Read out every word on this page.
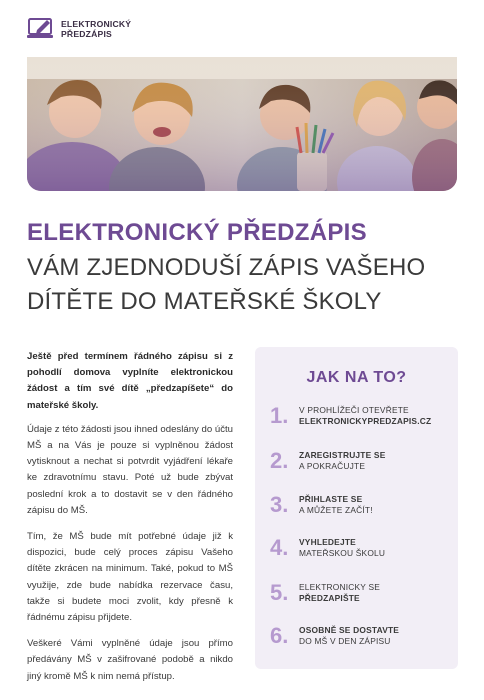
ELEKTRONICKÝ
PŘEDZÁPIS
ELEKTRONICKÝ PŘEDZÁPIS
VÁM ZJEDNODUŠÍ ZÁPIS VAŠEHO
DÍTĚTE DO MATEŘSKÉ ŠKOLY

Ještě před termínem řádného zápisu si z pohodlí domova vyplníte elektronickou žádost a tím své dítě „předzapíšete“ do mateřské školy.

Údaje z této žádosti jsou ihned odeslány do účtu MŠ a na Vás je pouze si vyplněnou žádost vytisknout a nechat si potvrdit vyjádření lékaře ke zdravotnímu stavu. Poté už bude zbývat poslední krok a to dostavit se v den řádného zápisu do MŠ.

Tím, že MŠ bude mít potřebné údaje již k dispozici, bude celý proces zápisu Vašeho dítěte zkrácen na minimum. Také, pokud to MŠ využije, zde bude nabídka rezervace času, takže si budete moci zvolit, kdy přesně k řádnému zápisu přijdete.

Veškeré Vámi vyplněné údaje jsou přímo předávány MŠ v zašifrované podobě a nikdo jiný kromě MŠ k nim nemá přístup.

JAK NA TO?
1.	V PROHLÍŽEČI OTEVŘETE
ELEKTRONICKYPREDZAPIS.CZ
2.	ZAREGISTRUJTE SE
A POKRAČUJTE
3.	PŘIHLASTE SE
A MŮŽETE ZAČÍT!
4.	VYHLEDEJTE
MATEŘSKOU ŠKOLU
5.	ELEKTRONICKY SE
PŘEDZAPIŠTE
6.	OSOBNĚ SE DOSTAVTE
DO MŠ V DEN ZÁPISU
